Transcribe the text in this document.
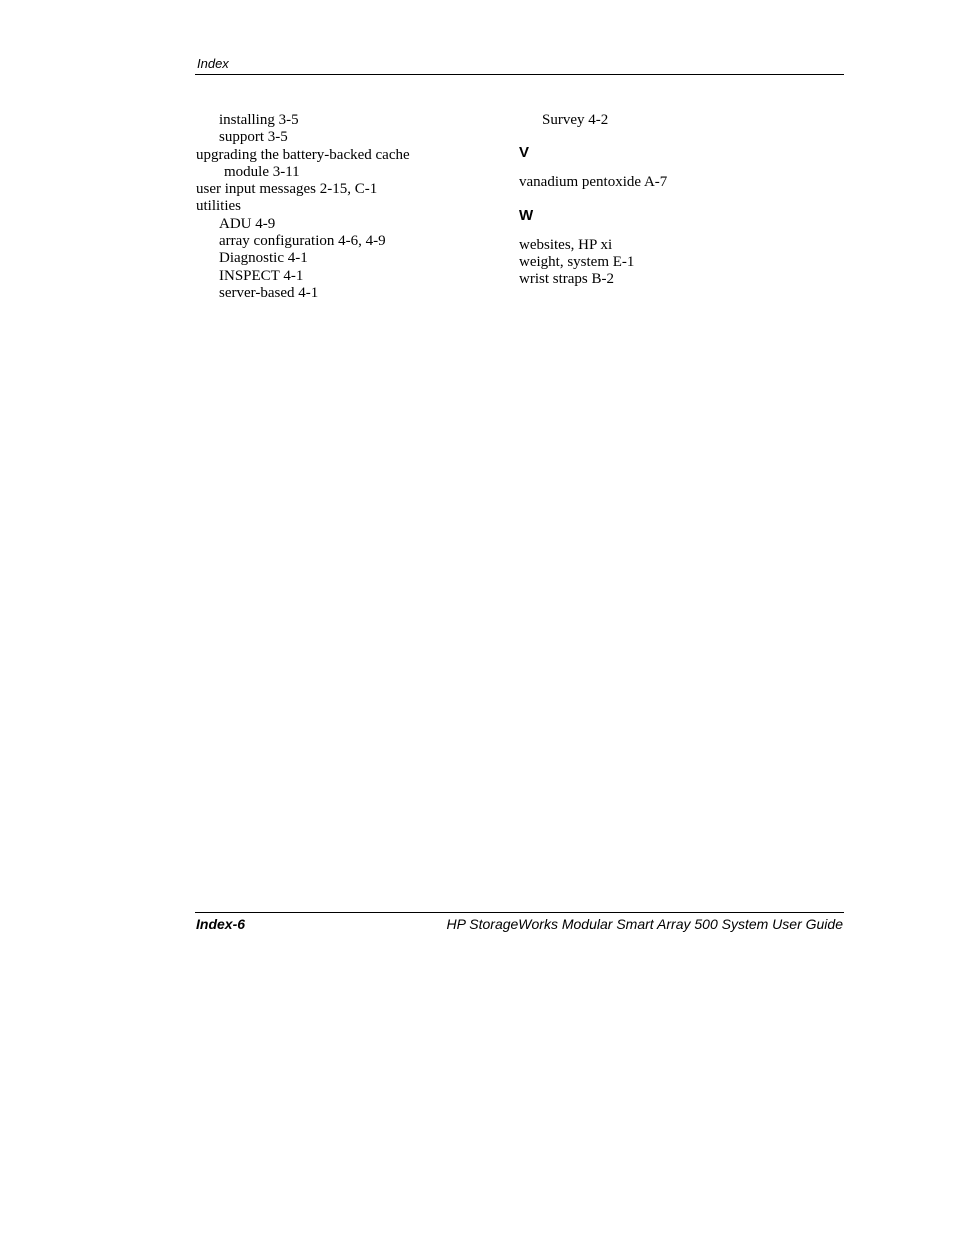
Index
installing 3-5
support 3-5
upgrading the battery-backed cache
module 3-11
user input messages 2-15, C-1
utilities
ADU 4-9
array configuration 4-6, 4-9
Diagnostic 4-1
INSPECT 4-1
server-based 4-1
Survey 4-2
V
vanadium pentoxide A-7
W
websites, HP xi
weight, system E-1
wrist straps B-2
Index-6	HP StorageWorks Modular Smart Array 500 System User Guide
